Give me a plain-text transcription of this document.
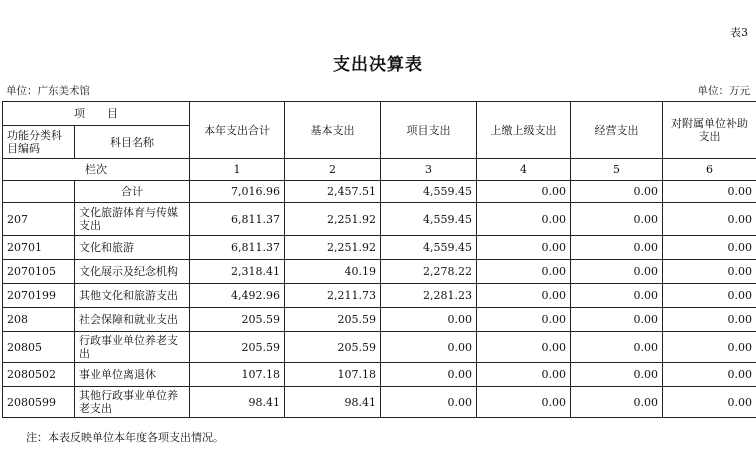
表3
支出决算表
单位：广东美术馆	单位：万元
项　　目		本年支出合计	基本支出	项目支出	上缴上级支出	经营支出	对附属单位补助支出
功能分类科目编码	科目名称						
栏次		1	2	3	4	5	6
	合计	7,016.96	2,457.51	4,559.45	0.00	0.00	0.00
207	文化旅游体育与传媒支出	6,811.37	2,251.92	4,559.45	0.00	0.00	0.00
20701	文化和旅游	6,811.37	2,251.92	4,559.45	0.00	0.00	0.00
2070105	文化展示及纪念机构	2,318.41	40.19	2,278.22	0.00	0.00	0.00
2070199	其他文化和旅游支出	4,492.96	2,211.73	2,281.23	0.00	0.00	0.00
208	社会保障和就业支出	205.59	205.59	0.00	0.00	0.00	0.00
20805	行政事业单位养老支出	205.59	205.59	0.00	0.00	0.00	0.00
2080502	事业单位离退休	107.18	107.18	0.00	0.00	0.00	0.00
2080599	其他行政事业单位养老支出	98.41	98.41	0.00	0.00	0.00	0.00
注：本表反映单位本年度各项支出情况。
